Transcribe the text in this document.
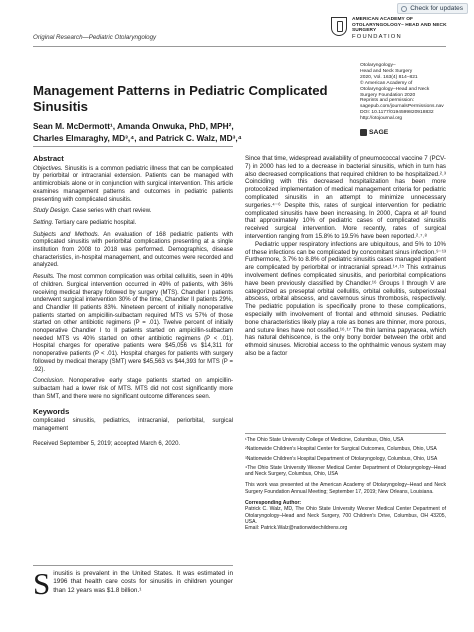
Check for updates
Original Research—Pediatric Otolaryngology
AMERICAN ACADEMY OF OTOLARYNGOLOGY– HEAD AND NECK SURGERY
FOUNDATION
Otolaryngology–
Head and Neck Surgery
2020, Vol. 163(4) 814–821
© American Academy of
Otolaryngology–Head and Neck
Surgery Foundation 2020
Reprints and permission:
sagepub.com/journalsPermissions.nav
DOI: 10.1177/0194599820918832
http://otojournal.org
SAGE
Management Patterns in Pediatric Complicated Sinusitis
Sean M. McDermott¹, Amanda Onwuka, PhD, MPH²,
Charles Elmaraghy, MD³,⁴, and Patrick C. Walz, MD³,⁴
Abstract

Objectives. Sinusitis is a common pediatric illness that can be complicated by periorbital or intracranial extension. Patients can be managed with antimicrobials alone or in conjunction with surgical intervention. This article examines management patterns and outcomes in pediatric patients presenting with complicated sinusitis.

Study Design. Case series with chart review.

Setting. Tertiary care pediatric hospital.

Subjects and Methods. An evaluation of 168 pediatric patients with complicated sinusitis with periorbital complications presenting at a single institution from 2008 to 2018 was performed. Demographics, disease characteristics, in-hospital management, and outcomes were recorded and analyzed.

Results. The most common complication was orbital cellulitis, seen in 49% of children. Surgical intervention occurred in 49% of patients, with 36% receiving medical therapy followed by surgery (MTS). Chandler I patients underwent surgical intervention 30% of the time, Chandler II patients 29%, and Chandler III patients 83%. Nineteen percent of initially nonoperative patients started on ampicillin-sulbactam required MTS vs 57% of those started on other antibiotic regimens (P = .01). Twelve percent of initially nonoperative Chandler I to II patients started on ampicillin-sulbactam needed MTS vs 40% started on other antibiotic regimens (P < .01). Hospital charges for operative patients were $45,056 vs $14,311 for nonoperative patients (P < .01). Hospital charges for patients with surgery followed by medical therapy (SMT) were $45,563 vs $44,393 for MTS (P = .92).

Conclusion. Nonoperative early stage patients started on ampicillin-sulbactam had a lower risk of MTS. MTS did not cost significantly more than SMT, and there were no significant outcome differences seen.

Keywords

complicated sinusitis, pediatrics, intracranial, periorbital, surgical management

Received September 5, 2019; accepted March 6, 2020.

Sinusitis is prevalent in the United States. It was estimated in 1996 that health care costs for sinusitis in children younger than 12 years was $1.8 billion.¹

Since that time, widespread availability of pneumococcal vaccine 7 (PCV-7) in 2000 has led to a decrease in bacterial sinusitis, which in turn has also decreased complications that required children to be hospitalized.²˒³ Coinciding with this decreased hospitalization has been more protocolized implementation of medical management criteria for pediatric complicated sinusitis in an attempt to minimize unnecessary surgeries.⁴⁻⁶ Despite this, rates of surgical intervention for pediatric complicated sinusitis have been increasing. In 2000, Capra et al² found that approximately 10% of pediatric cases of complicated sinusitis received surgical intervention. More recently, rates of surgical intervention ranging from 15.8% to 19.5% have been reported.²˒⁷˒⁸

Pediatric upper respiratory infections are ubiquitous, and 5% to 10% of these infections can be complicated by concomitant sinus infection.⁹⁻¹³ Furthermore, 3.7% to 8.8% of pediatric sinusitis cases managed inpatient are complicated by periorbital or intracranial spread.¹⁴˒¹⁵ This extrainus involvement defines complicated sinusitis, and periorbital complications have been previously classified by Chandler.¹⁶ Groups I through V are categorized as preseptal orbital cellulitis, orbital cellulitis, subperiosteal abscess, orbital abscess, and cavernous sinus thrombosis, respectively. The pediatric population is specifically prone to these complications, especially with involvement of frontal and ethmoid sinuses. Pediatric bone characteristics likely play a role as bones are thinner, more porous, and suture lines have not ossified.¹⁶˒¹⁷ The thin lamina papyracea, which has natural dehiscence, is the only bony border between the orbit and ethmoid sinuses. Microbial access to the ophthalmic venous system may also be a factor

¹The Ohio State University College of Medicine, Columbus, Ohio, USA

²Nationwide Children's Hospital Center for Surgical Outcomes, Columbus, Ohio, USA

³Nationwide Children's Hospital Department of Otolaryngology, Columbus, Ohio, USA

⁴The Ohio State University Wexner Medical Center Department of Otolaryngology–Head and Neck Surgery, Columbus, Ohio, USA

This work was presented at the American Academy of Otolaryngology–Head and Neck Surgery Foundation Annual Meeting; September 17, 2019; New Orleans, Louisiana.

Corresponding Author:

Patrick C. Walz, MD, The Ohio State University Wexner Medical Center Department of Otolaryngology–Head and Neck Surgery, 700 Children's Drive, Columbus, OH 43205, USA.

Email: Patrick.Walz@nationwidechildrens.org
